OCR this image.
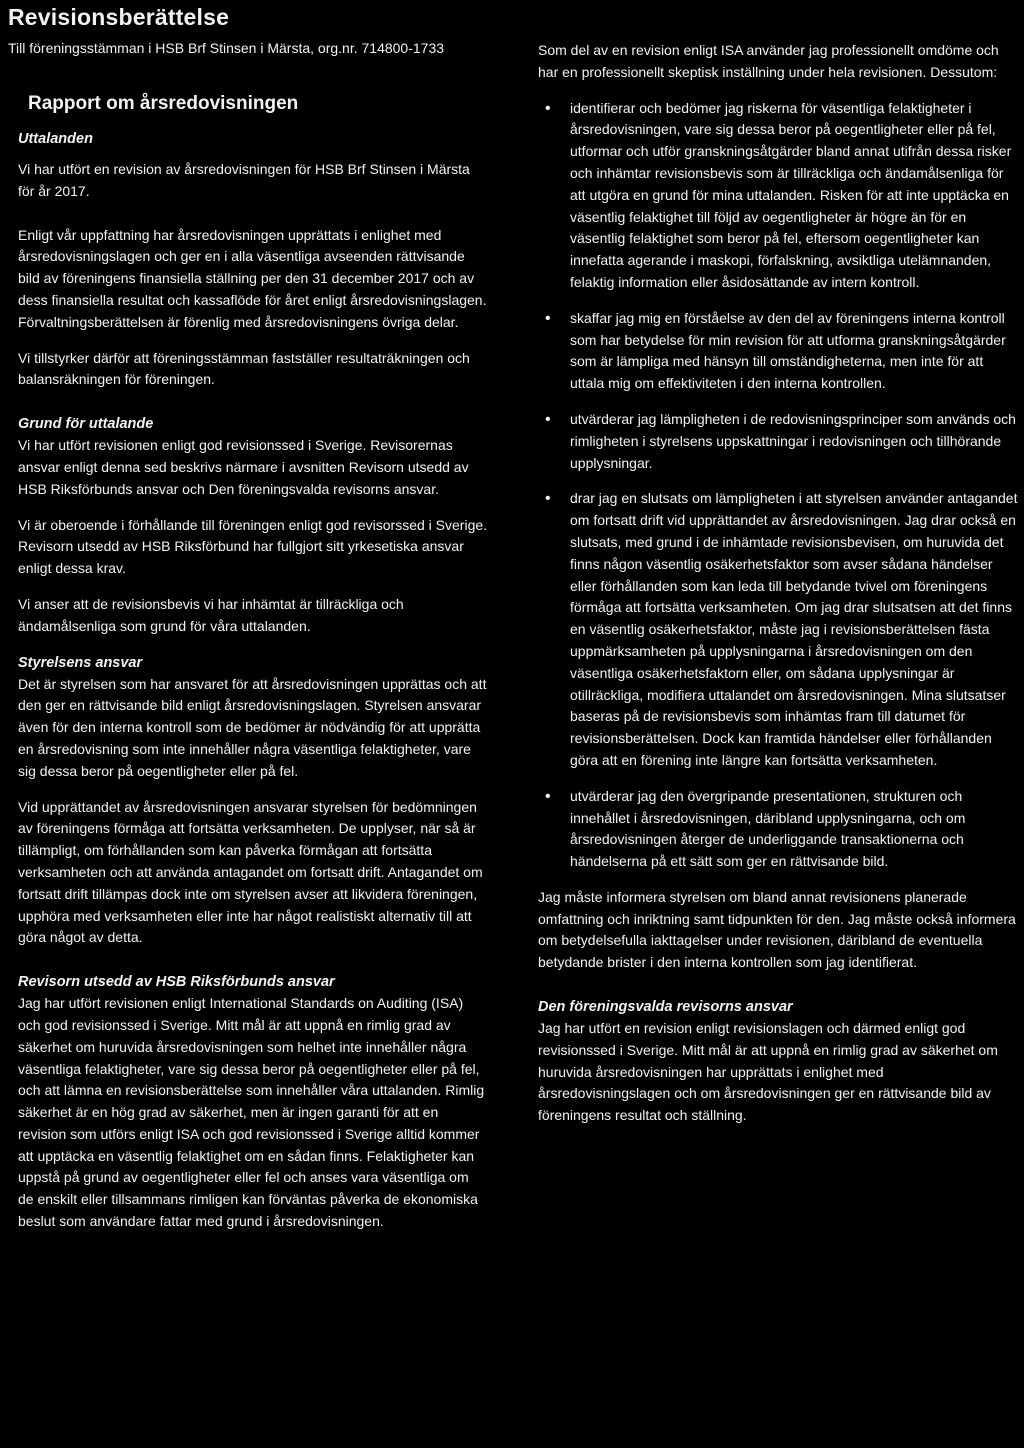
Revisionsberättelse
Till föreningsstämman i HSB Brf Stinsen i Märsta, org.nr. 714800-1733
Rapport om årsredovisningen

Uttalanden

Vi har utfört en revision av årsredovisningen för HSB Brf Stinsen i Märsta för år 2017.

Enligt vår uppfattning har årsredovisningen upprättats i enlighet med årsredovisningslagen och ger en i alla väsentliga avseenden rättvisande bild av föreningens finansiella ställning per den 31 december 2017 och av dess finansiella resultat och kassaflöde för året enligt årsredovisningslagen. Förvaltningsberättelsen är förenlig med årsredovisningens övriga delar.

Vi tillstyrker därför att föreningsstämman fastställer resultaträkningen och balansräkningen för föreningen.

Grund för uttalande

Vi har utfört revisionen enligt god revisionssed i Sverige. Revisorernas ansvar enligt denna sed beskrivs närmare i avsnitten Revisorn utsedd av HSB Riksförbunds ansvar och Den föreningsvalda revisorns ansvar.

Vi är oberoende i förhållande till föreningen enligt god revisorssed i Sverige. Revisorn utsedd av HSB Riksförbund har fullgjort sitt yrkesetiska ansvar enligt dessa krav.

Vi anser att de revisionsbevis vi har inhämtat är tillräckliga och ändamålsenliga som grund för våra uttalanden.

Styrelsens ansvar

Det är styrelsen som har ansvaret för att årsredovisningen upprättas och att den ger en rättvisande bild enligt årsredovisningslagen. Styrelsen ansvarar även för den interna kontroll som de bedömer är nödvändig för att upprätta en årsredovisning som inte innehåller några väsentliga felaktigheter, vare sig dessa beror på oegentligheter eller på fel.

Vid upprättandet av årsredovisningen ansvarar styrelsen för bedömningen av föreningens förmåga att fortsätta verksamheten. De upplyser, när så är tillämpligt, om förhållanden som kan påverka förmågan att fortsätta verksamheten och att använda antagandet om fortsatt drift. Antagandet om fortsatt drift tillämpas dock inte om styrelsen avser att likvidera föreningen, upphöra med verksamheten eller inte har något realistiskt alternativ till att göra något av detta.

Revisorn utsedd av HSB Riksförbunds ansvar

Jag har utfört revisionen enligt International Standards on Auditing (ISA) och god revisionssed i Sverige. Mitt mål är att uppnå en rimlig grad av säkerhet om huruvida årsredovisningen som helhet inte innehåller några väsentliga felaktigheter, vare sig dessa beror på oegentligheter eller på fel, och att lämna en revisionsberättelse som innehåller våra uttalanden. Rimlig säkerhet är en hög grad av säkerhet, men är ingen garanti för att en revision som utförs enligt ISA och god revisionssed i Sverige alltid kommer att upptäcka en väsentlig felaktighet om en sådan finns. Felaktigheter kan uppstå på grund av oegentligheter eller fel och anses vara väsentliga om de enskilt eller tillsammans rimligen kan förväntas påverka de ekonomiska beslut som användare fattar med grund i årsredovisningen.

Som del av en revision enligt ISA använder jag professionellt omdöme och har en professionellt skeptisk inställning under hela revisionen. Dessutom:

• identifierar och bedömer jag riskerna för väsentliga felaktigheter i årsredovisningen, vare sig dessa beror på oegentligheter eller på fel, utformar och utför granskningsåtgärder bland annat utifrån dessa risker och inhämtar revisionsbevis som är tillräckliga och ändamålsenliga för att utgöra en grund för mina uttalanden. Risken för att inte upptäcka en väsentlig felaktighet till följd av oegentligheter är högre än för en väsentlig felaktighet som beror på fel, eftersom oegentligheter kan innefatta agerande i maskopi, förfalskning, avsiktliga utelämnanden, felaktig information eller åsidosättande av intern kontroll.
• skaffar jag mig en förståelse av den del av föreningens interna kontroll som har betydelse för min revision för att utforma granskningsåtgärder som är lämpliga med hänsyn till omständigheterna, men inte för att uttala mig om effektiviteten i den interna kontrollen.
• utvärderar jag lämpligheten i de redovisningsprinciper som används och rimligheten i styrelsens uppskattningar i redovisningen och tillhörande upplysningar.
• drar jag en slutsats om lämpligheten i att styrelsen använder antagandet om fortsatt drift vid upprättandet av årsredovisningen. Jag drar också en slutsats, med grund i de inhämtade revisionsbevisen, om huruvida det finns någon väsentlig osäkerhetsfaktor som avser sådana händelser eller förhållanden som kan leda till betydande tvivel om föreningens förmåga att fortsätta verksamheten. Om jag drar slutsatsen att det finns en väsentlig osäkerhetsfaktor, måste jag i revisionsberättelsen fästa uppmärksamheten på upplysningarna i årsredovisningen om den väsentliga osäkerhetsfaktorn eller, om sådana upplysningar är otillräckliga, modifiera uttalandet om årsredovisningen. Mina slutsatser baseras på de revisionsbevis som inhämtas fram till datumet för revisionsberättelsen. Dock kan framtida händelser eller förhållanden göra att en förening inte längre kan fortsätta verksamheten.
• utvärderar jag den övergripande presentationen, strukturen och innehållet i årsredovisningen, däribland upplysningarna, och om årsredovisningen återger de underliggande transaktionerna och händelserna på ett sätt som ger en rättvisande bild.

Jag måste informera styrelsen om bland annat revisionens planerade omfattning och inriktning samt tidpunkten för den. Jag måste också informera om betydelsefulla iakttagelser under revisionen, däribland de eventuella betydande brister i den interna kontrollen som jag identifierat.

Den föreningsvalda revisorns ansvar

Jag har utfört en revision enligt revisionslagen och därmed enligt god revisionssed i Sverige. Mitt mål är att uppnå en rimlig grad av säkerhet om huruvida årsredovisningen har upprättats i enlighet med årsredovisningslagen och om årsredovisningen ger en rättvisande bild av föreningens resultat och ställning.
